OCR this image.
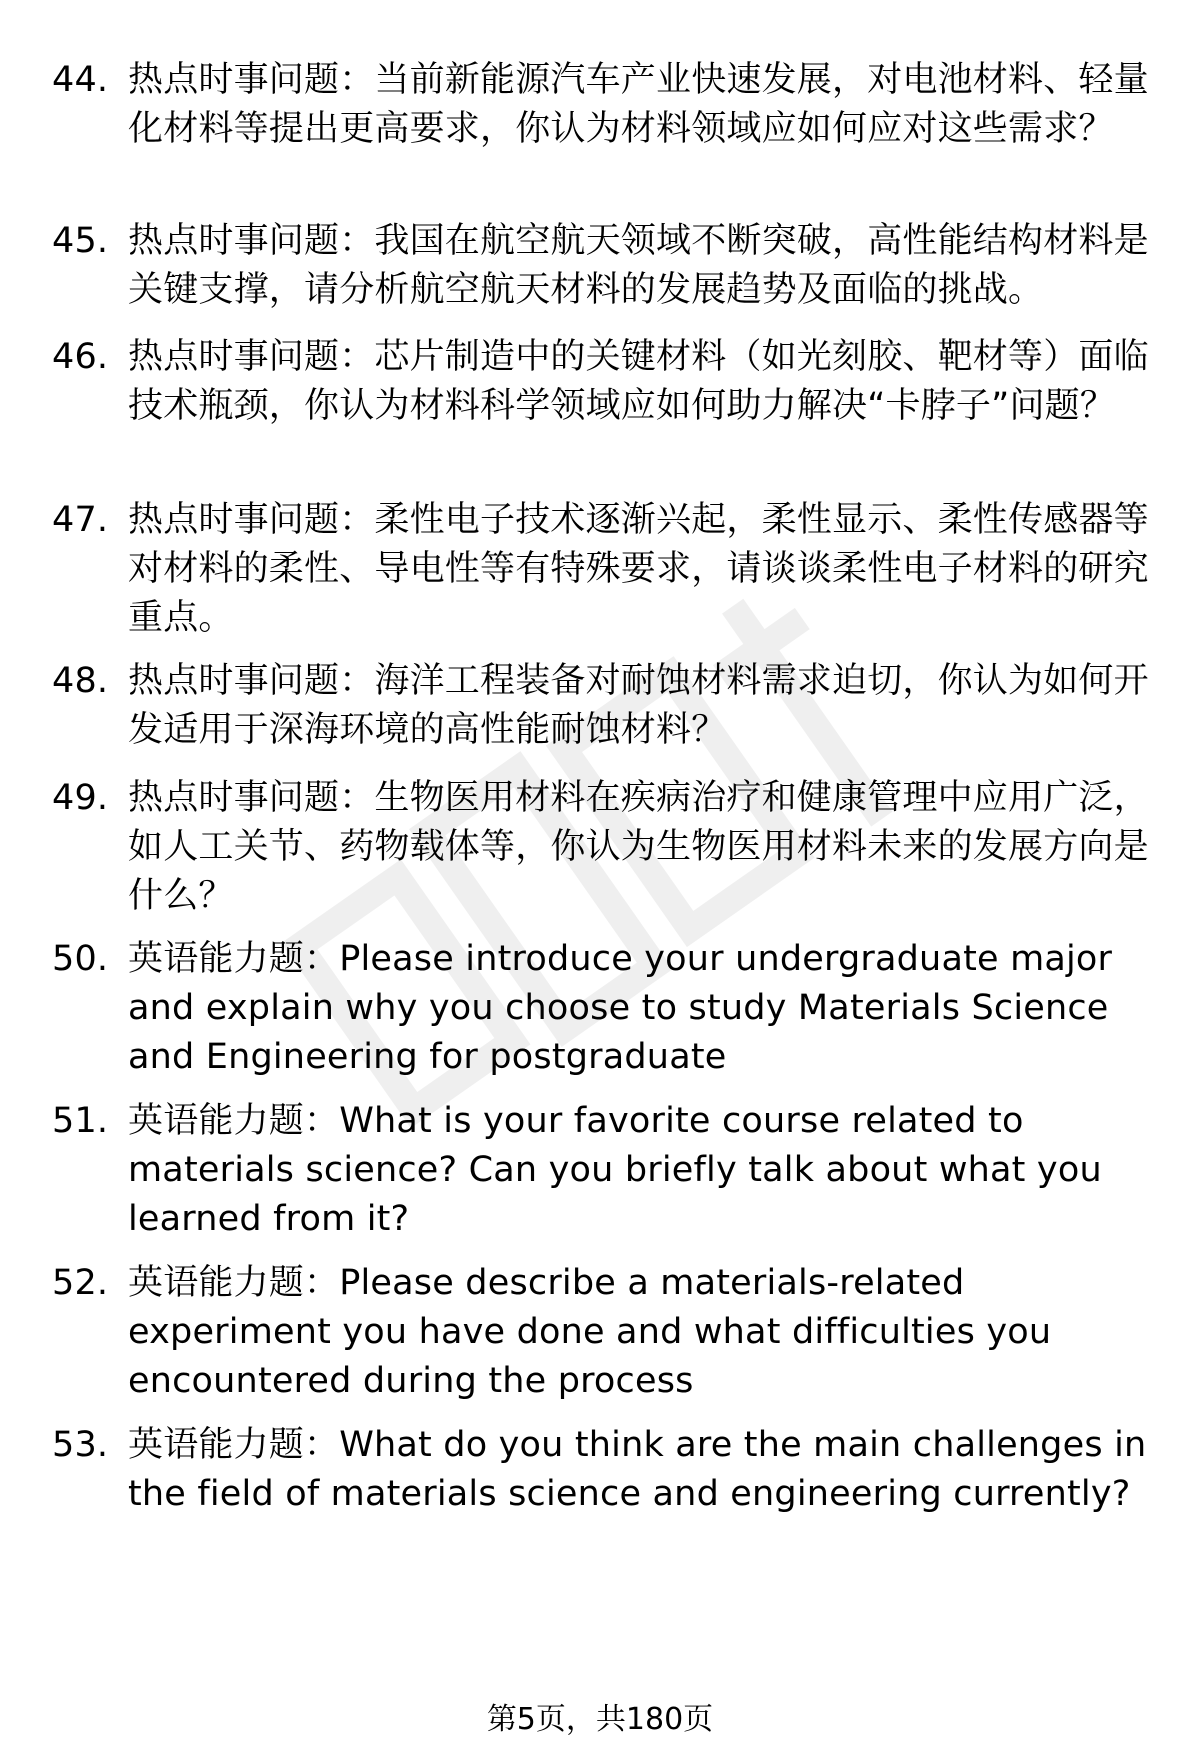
44. 热点时事问题：当前新能源汽车产业快速发展，对电池材料、轻量化材料等提出更高要求，你认为材料领域应如何应对这些需求？
45. 热点时事问题：我国在航空航天领域不断突破，高性能结构材料是关键支撑，请分析航空航天材料的发展趋势及面临的挑战。
46. 热点时事问题：芯片制造中的关键材料（如光刻胶、靶材等）面临技术瓶颈，你认为材料科学领域应如何助力解决“卡脖子”问题？
47. 热点时事问题：柔性电子技术逐渐兴起，柔性显示、柔性传感器等对材料的柔性、导电性等有特殊要求，请谈谈柔性电子材料的研究重点。
48. 热点时事问题：海洋工程装备对耐蚀材料需求迫切，你认为如何开发适用于深海环境的高性能耐蚀材料？
49. 热点时事问题：生物医用材料在疾病治疗和健康管理中应用广泛，如人工关节、药物载体等，你认为生物医用材料未来的发展方向是什么？
50. 英语能力题：Please introduce your undergraduate major and explain why you choose to study Materials Science and Engineering for postgraduate
51. 英语能力题：What is your favorite course related to materials science? Can you briefly talk about what you learned from it?
52. 英语能力题：Please describe a materials-related experiment you have done and what difficulties you encountered during the process
53. 英语能力题：What do you think are the main challenges in the field of materials science and engineering currently?
第5页，共180页
